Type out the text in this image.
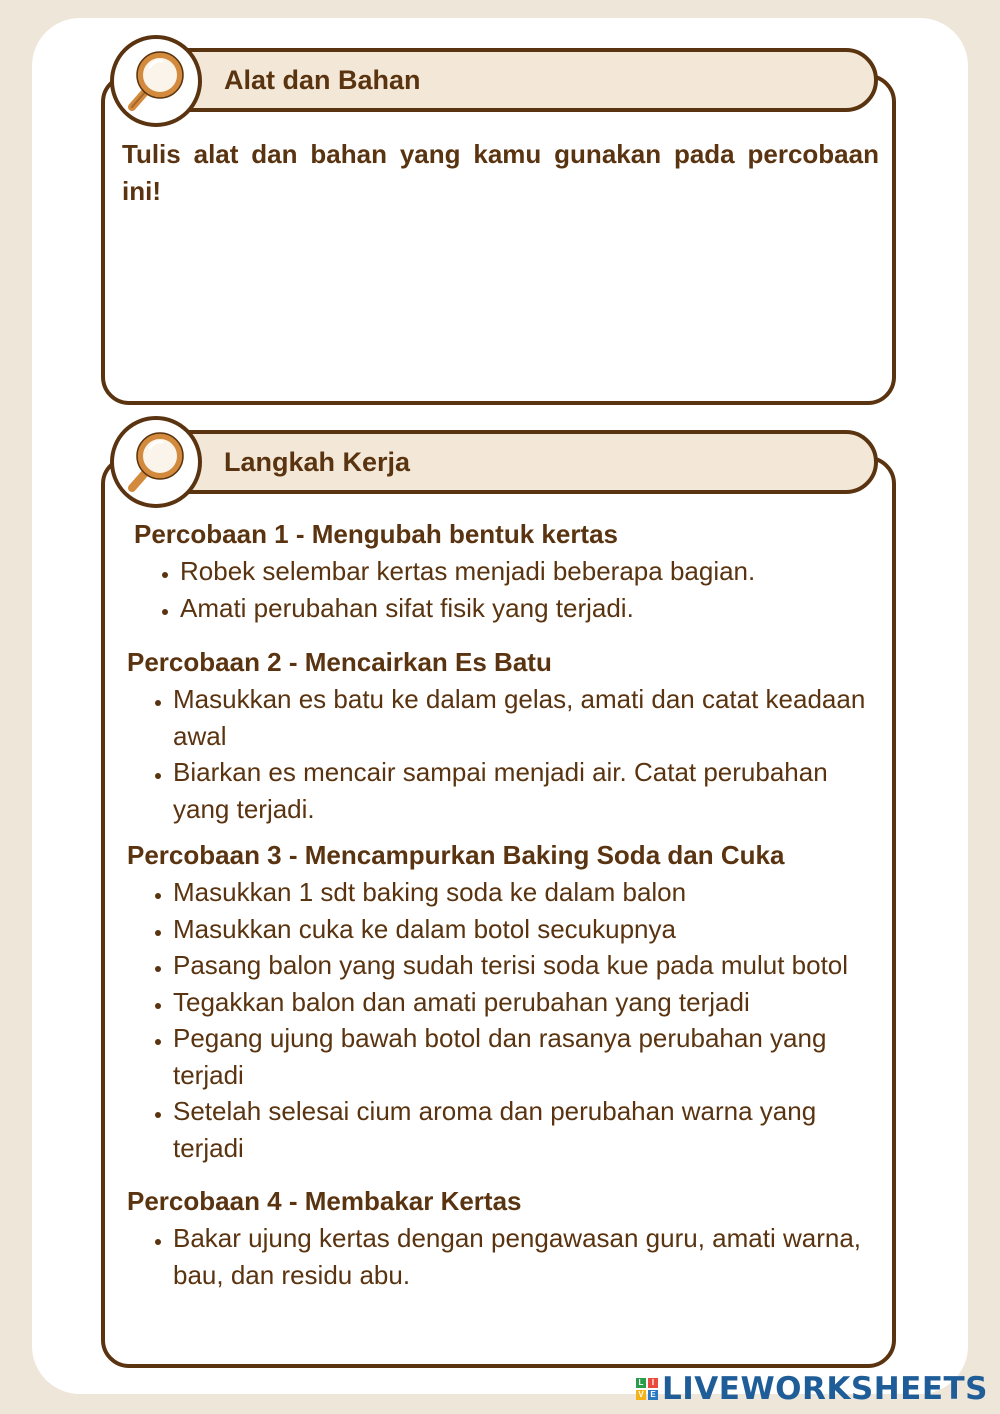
Alat dan Bahan

Tulis alat dan bahan yang kamu gunakan pada percobaan ini!

Langkah Kerja
Percobaan 1 - Mengubah bentuk kertas
• Robek selembar kertas menjadi beberapa bagian.
• Amati perubahan sifat fisik yang terjadi.
Percobaan 2 - Mencairkan Es Batu
• Masukkan es batu ke dalam gelas, amati dan catat keadaan awal
• Biarkan es mencair sampai menjadi air. Catat perubahan yang terjadi.
Percobaan 3 - Mencampurkan Baking Soda dan Cuka
• Masukkan 1 sdt baking soda ke dalam balon
• Masukkan cuka ke dalam botol secukupnya
• Pasang balon yang sudah terisi soda kue pada mulut botol
• Tegakkan balon dan amati perubahan yang terjadi
• Pegang ujung bawah botol dan rasanya perubahan yang terjadi
• Setelah selesai cium aroma dan perubahan warna yang terjadi
Percobaan 4 - Membakar Kertas
• Bakar ujung kertas dengan pengawasan guru, amati warna, bau, dan residu abu.
L	I
V E LIVEWORKSHEETS
